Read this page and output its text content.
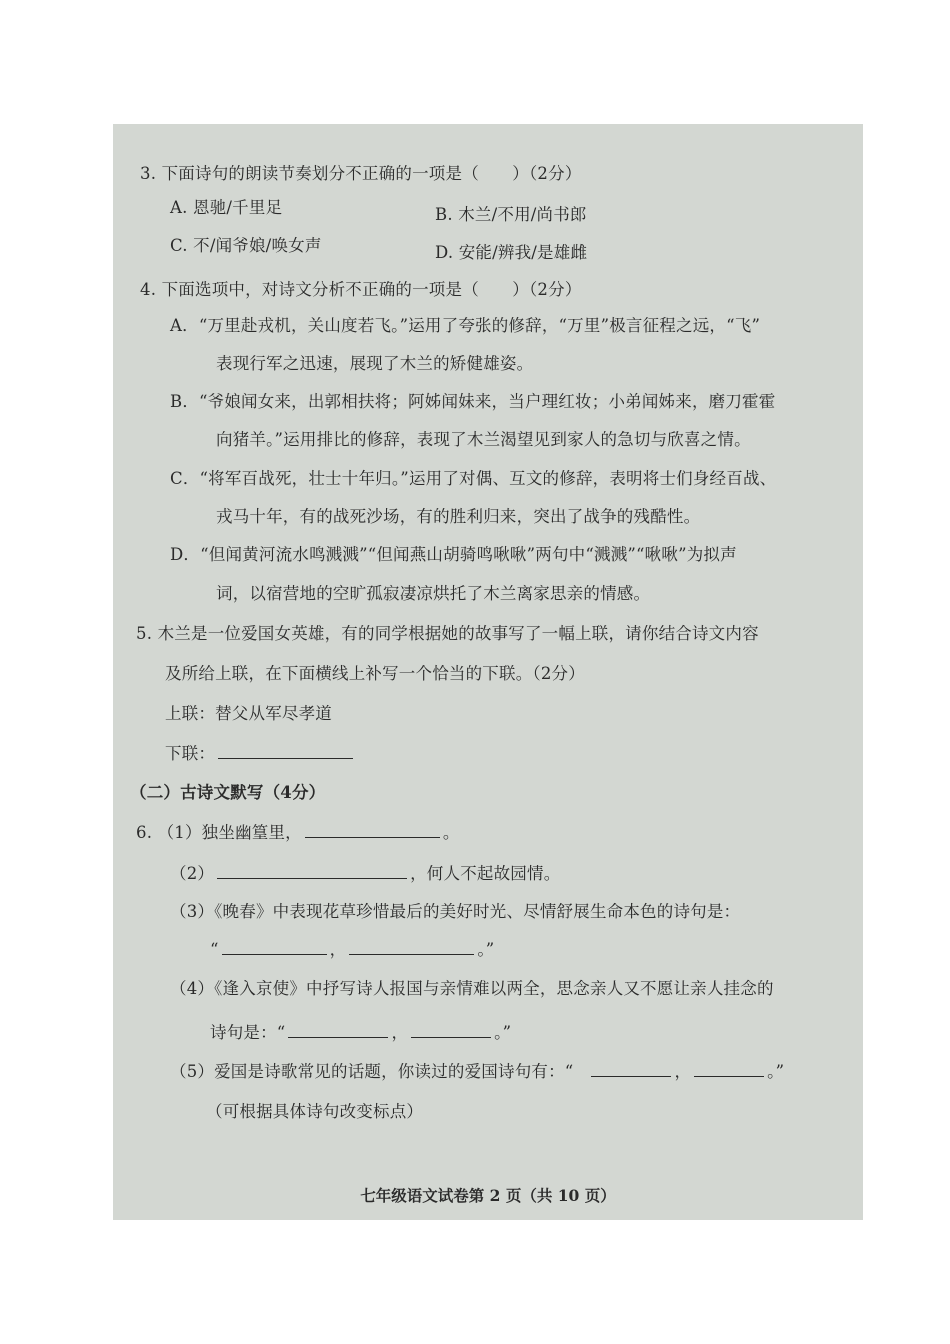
3. 下面诗句的朗读节奏划分不正确的一项是（　　）（2分）
A. 恩驰/千里足	B. 木兰/不用/尚书郎
C. 不/闻爷娘/唤女声	D. 安能/辨我/是雄雌
4. 下面选项中，对诗文分析不正确的一项是（　　）（2分）
A．“万里赴戎机，关山度若飞。”运用了夸张的修辞，“万里”极言征程之远，“飞”
表现行军之迅速，展现了木兰的矫健雄姿。
B．“爷娘闻女来，出郭相扶将；阿姊闻妹来，当户理红妆；小弟闻姊来，磨刀霍霍
向猪羊。”运用排比的修辞，表现了木兰渴望见到家人的急切与欣喜之情。
C．“将军百战死，壮士十年归。”运用了对偶、互文的修辞，表明将士们身经百战、
戎马十年，有的战死沙场，有的胜利归来，突出了战争的残酷性。
D．“但闻黄河流水鸣溅溅”“但闻燕山胡骑鸣啾啾”两句中“溅溅”“啾啾”为拟声
词，以宿营地的空旷孤寂凄凉烘托了木兰离家思亲的情感。
5. 木兰是一位爱国女英雄，有的同学根据她的故事写了一幅上联，请你结合诗文内容
及所给上联，在下面横线上补写一个恰当的下联。（2分）
上联：替父从军尽孝道
下联：
（二）古诗文默写（4分）
6. （1）独坐幽篁里，	。
（2）	，何人不起故园情。
（3）《晚春》中表现花草珍惜最后的美好时光、尽情舒展生命本色的诗句是：
“	，	。”
（4）《逢入京使》中抒写诗人报国与亲情难以两全，思念亲人又不愿让亲人挂念的
诗句是：“	，	。”
（5）爱国是诗歌常见的话题，你读过的爱国诗句有：“	，	。”
（可根据具体诗句改变标点）
七年级语文试卷第 2 页（共 10 页）
